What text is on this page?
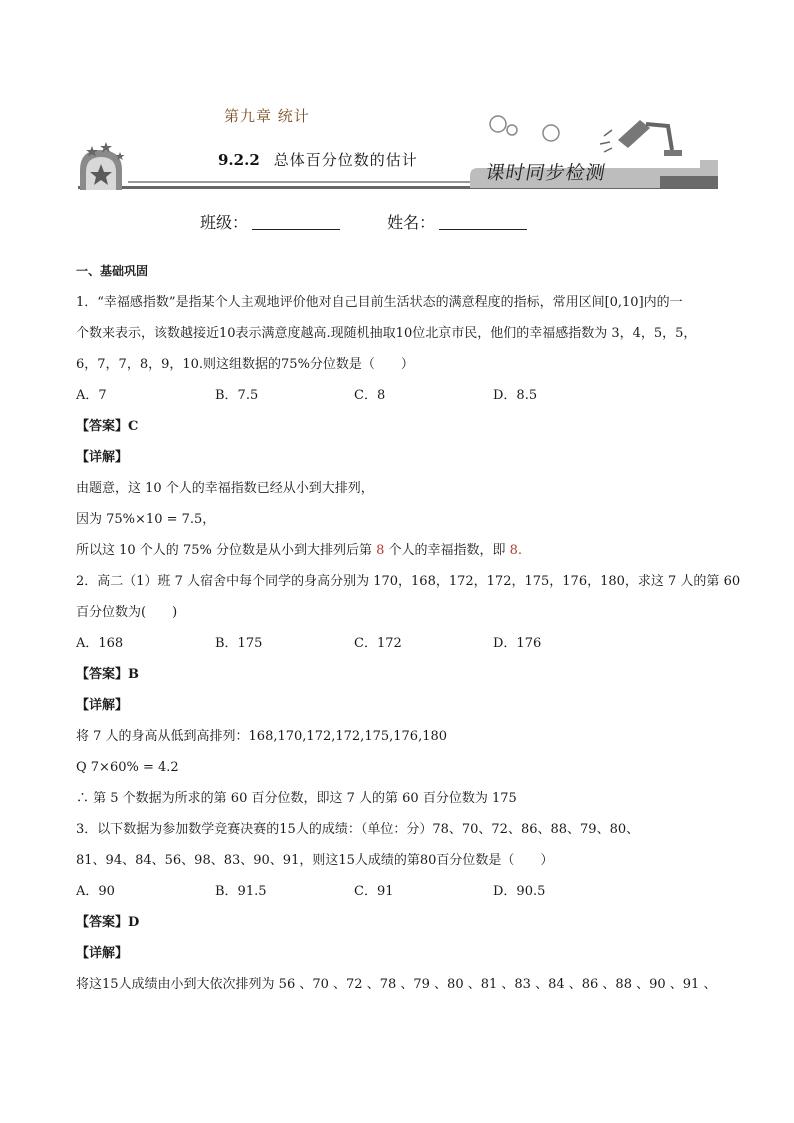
第九章 统计
9.2.2 总体百分位数的估计
课时同步检测
班级：	姓名：

一、基础巩固

1．“幸福感指数”是指某个人主观地评价他对自己目前生活状态的满意程度的指标，常用区间[0,10]内的一

个数来表示，该数越接近10表示满意度越高.现随机抽取10位北京市民，他们的幸福感指数为 3，4，5，5，

6，7，7，8，9，10.则这组数据的75%分位数是（　　）

A．7	B．7.5	C．8	D．8.5

【答案】C

【详解】

由题意，这 10 个人的幸福指数已经从小到大排列，

因为 75%×10 = 7.5，

所以这 10 个人的 75% 分位数是从小到大排列后第 8 个人的幸福指数，即 8.

2．高二（1）班 7 人宿舍中每个同学的身高分别为 170，168，172，172，175，176，180，求这 7 人的第 60

百分位数为(　　)

A．168	B．175	C．172	D．176

【答案】B

【详解】

将 7 人的身高从低到高排列：168,170,172,172,175,176,180

Q 7×60% = 4.2

∴ 第 5 个数据为所求的第 60 百分位数，即这 7 人的第 60 百分位数为 175

3．以下数据为参加数学竞赛决赛的15人的成绩：（单位：分）78、70、72、86、88、79、80、

81、94、84、56、98、83、90、91，则这15人成绩的第80百分位数是（　　）

A．90	B．91.5	C．91	D．90.5

【答案】D

【详解】

将这15人成绩由小到大依次排列为 56 、70 、72 、78 、79 、80 、81 、83 、84 、86 、88 、90 、91 、
